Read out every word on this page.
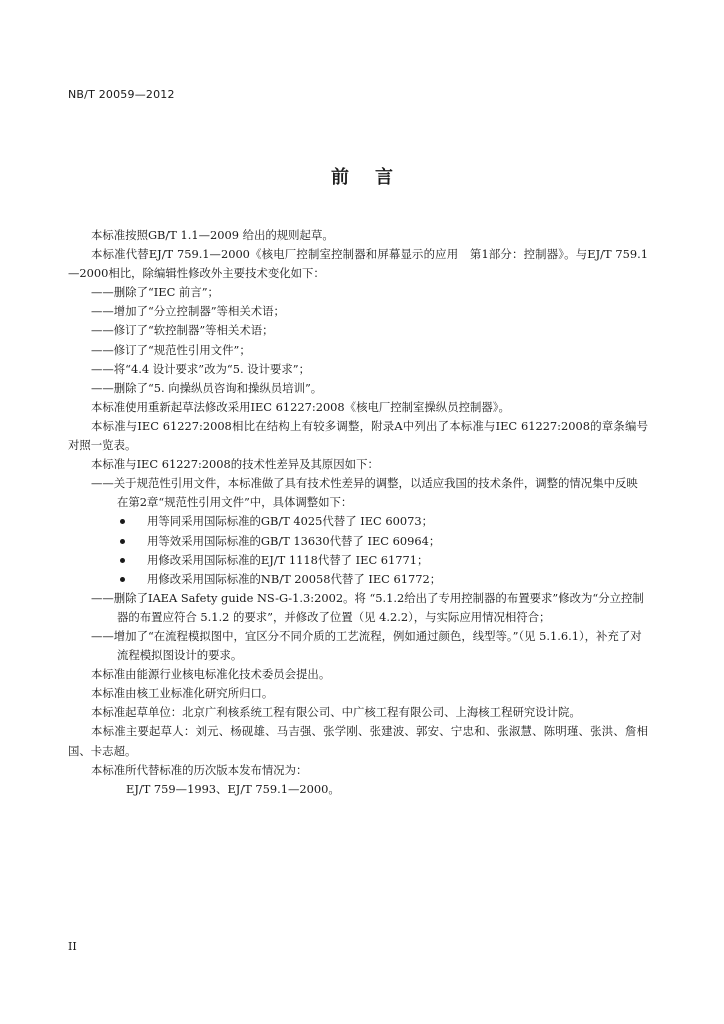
NB/T 20059—2012
前言
本标准按照GB/T 1.1—2009 给出的规则起草。
本标准代替EJ/T 759.1—2000《核电厂控制室控制器和屏幕显示的应用　第1部分：控制器》。与EJ/T 759.1—2000相比，除编辑性修改外主要技术变化如下：
——删除了“IEC 前言”；
——增加了“分立控制器”等相关术语；
——修订了“软控制器”等相关术语；
——修订了“规范性引用文件”；
——将“4.4 设计要求”改为“5. 设计要求”；
——删除了“5. 向操纵员咨询和操纵员培训”。
本标准使用重新起草法修改采用IEC 61227:2008《核电厂控制室操纵员控制器》。
本标准与IEC 61227:2008相比在结构上有较多调整，附录A中列出了本标准与IEC 61227:2008的章条编号对照一览表。
本标准与IEC 61227:2008的技术性差异及其原因如下：
——关于规范性引用文件，本标准做了具有技术性差异的调整，以适应我国的技术条件，调整的情况集中反映在第2章“规范性引用文件”中，具体调整如下：
用等同采用国际标准的GB/T 4025代替了 IEC 60073；
用等效采用国际标准的GB/T 13630代替了 IEC 60964；
用修改采用国际标准的EJ/T 1118代替了 IEC 61771；
用修改采用国际标准的NB/T 20058代替了 IEC 61772；
——删除了IAEA Safety guide NS-G-1.3:2002。将 “5.1.2给出了专用控制器的布置要求”修改为“分立控制器的布置应符合 5.1.2 的要求”，并修改了位置（见 4.2.2），与实际应用情况相符合；
——增加了“在流程模拟图中，宜区分不同介质的工艺流程，例如通过颜色，线型等。”（见 5.1.6.1），补充了对流程模拟图设计的要求。
本标准由能源行业核电标准化技术委员会提出。
本标准由核工业标准化研究所归口。
本标准起草单位：北京广利核系统工程有限公司、中广核工程有限公司、上海核工程研究设计院。
本标准主要起草人：刘元、杨砚雄、马吉强、张学刚、张建波、郭安、宁忠和、张淑慧、陈明瑾、张洪、詹相国、卡志超。
本标准所代替标准的历次版本发布情况为：
EJ/T 759—1993、EJ/T 759.1—2000。
II
